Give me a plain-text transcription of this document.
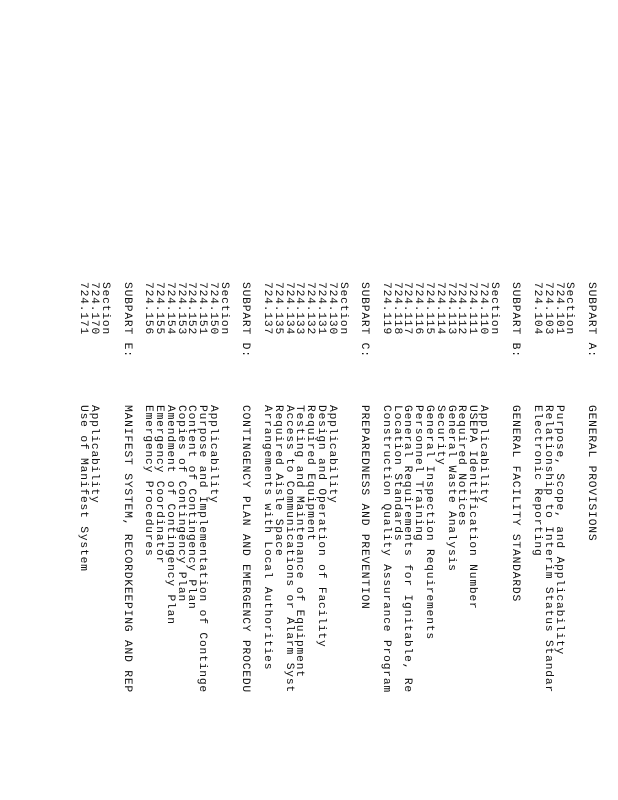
SUBPART A:
GENERAL PROVISIONS
Section
724.101
Purpose, Scope, and Applicability
724.103
Relationship to Interim Status Standar
724.104
Electronic Reporting
SUBPART B:
GENERAL FACILITY STANDARDS
Section
724.110
Applicability
724.111
USEPA Identification Number
724.112
Required Notices
724.113
General Waste Analysis
724.114
Security
724.115
General Inspection Requirements
724.116
Personnel Training
724.117
General Requirements for Ignitable, Re
724.118
Location Standards
724.119
Construction Quality Assurance Program
SUBPART C:
PREPAREDNESS AND PREVENTION
Section
724.130
Applicability
724.131
Design and Operation of Facility
724.132
Required Equipment
724.133
Testing and Maintenance of Equipment
724.134
Access to Communications or Alarm Syst
724.135
Required Aisle Space
724.137
Arrangements with Local Authorities
SUBPART D:
CONTINGENCY PLAN AND EMERGENCY PROCEDU
Section
724.150
Applicability
724.151
Purpose and Implementation of Continge
724.152
Content of Contingency Plan
724.153
Copies of Contingency Plan
724.154
Amendment of Contingency Plan
724.155
Emergency Coordinator
724.156
Emergency Procedures
SUBPART E:
MANIFEST SYSTEM, RECORDKEEPING AND REP
Section
724.170
Applicability
724.171
Use of Manifest System
